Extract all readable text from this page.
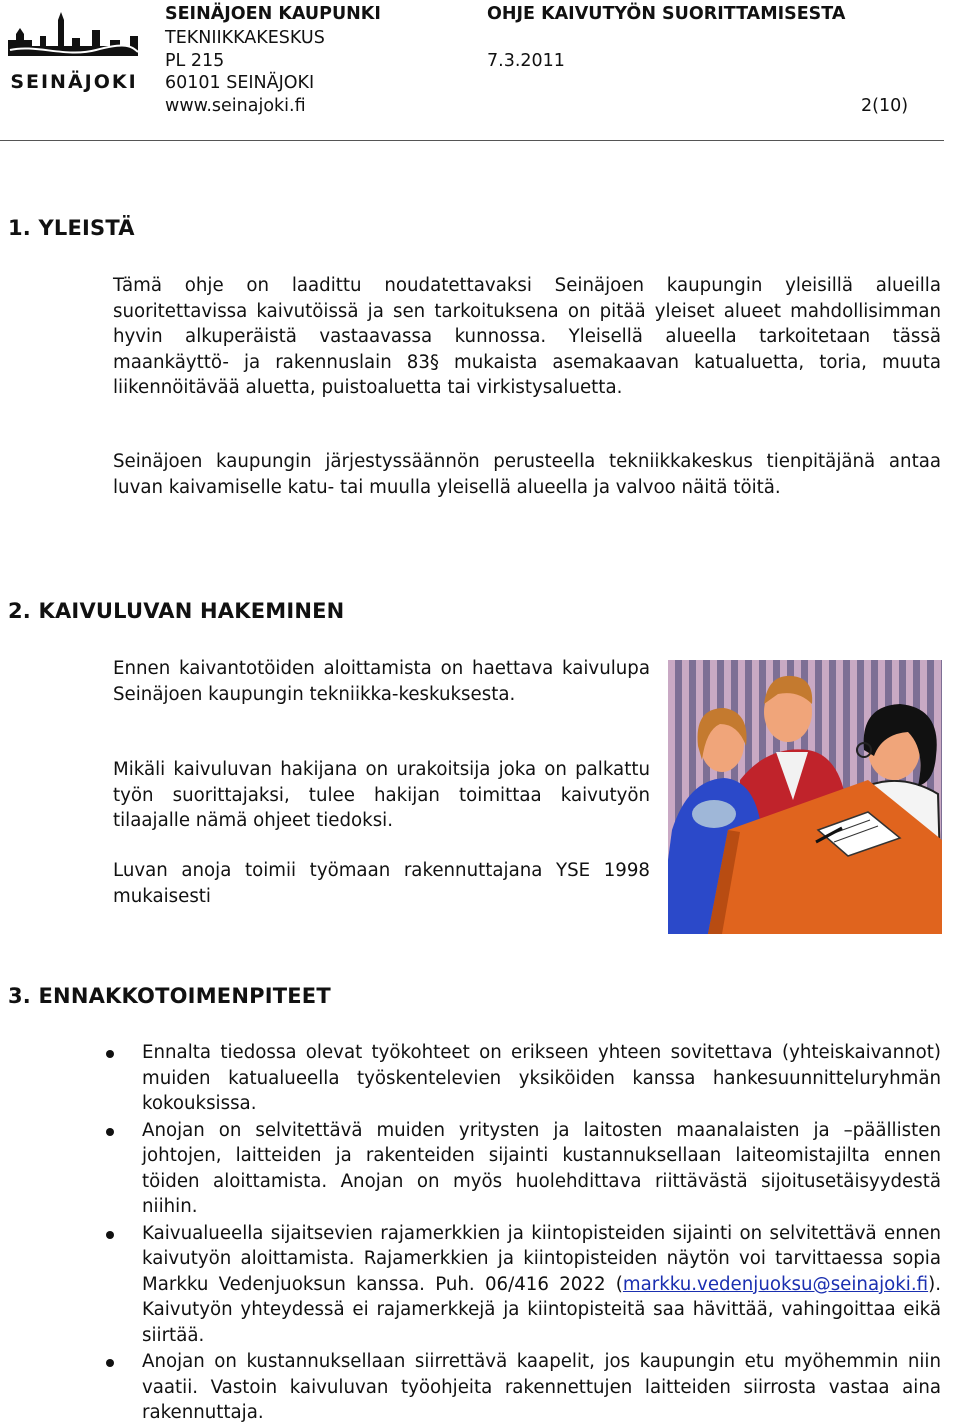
SEINÄJOKI
SEINÄJOEN KAUPUNKI
TEKNIIKKAKESKUS
PL 215
60101 SEINÄJOKI
www.seinajoki.fi
OHJE KAIVUTYÖN SUORITTAMISESTA
7.3.2011
2(10)
1. YLEISTÄ

Tämä ohje on laadittu noudatettavaksi Seinäjoen kaupungin yleisillä alueilla suoritettavissa kaivutöissä ja sen tarkoituksena on pitää yleiset alueet mahdollisimman hyvin alkuperäistä vastaavassa kunnossa. Yleisellä alueella tarkoitetaan tässä maankäyttö- ja rakennuslain 83§ mukaista asemakaavan katualuetta, toria, muuta liikennöitävää aluetta, puistoaluetta tai virkistysaluetta.

Seinäjoen kaupungin järjestyssäännön perusteella tekniikkakeskus tienpitäjänä antaa luvan kaivamiselle katu- tai muulla yleisellä alueella ja valvoo näitä töitä.

2. KAIVULUVAN HAKEMINEN

Ennen kaivantotöiden aloittamista on haettava kaivulupa Seinäjoen kaupungin tekniikka-keskuksesta.

Mikäli kaivuluvan hakijana on urakoitsija joka on palkattu työn suorittajaksi, tulee hakijan toimittaa kaivutyön tilaajalle nämä ohjeet tiedoksi.

Luvan anoja toimii työmaan rakennuttajana YSE 1998 mukaisesti

3. ENNAKKOTOIMENPITEET
Ennalta tiedossa olevat työkohteet on erikseen yhteen sovitettava (yhteiskaivannot) muiden katualueella työskentelevien yksiköiden kanssa hankesuunnitteluryhmän kokouksissa.
Anojan on selvitettävä muiden yritysten ja laitosten maanalaisten ja –päällisten johtojen, laitteiden ja rakenteiden sijainti kustannuksellaan laiteomistajilta ennen töiden aloittamista. Anojan on myös huolehdittava riittävästä sijoitusetäisyydestä niihin.
Kaivualueella sijaitsevien rajamerkkien ja kiintopisteiden sijainti on selvitettävä ennen kaivutyön aloittamista. Rajamerkkien ja kiintopisteiden näytön voi tarvittaessa sopia Markku Vedenjuoksun kanssa. Puh. 06/416 2022 (markku.vedenjuoksu@seinajoki.fi). Kaivutyön yhteydessä ei rajamerkkejä ja kiintopisteitä saa hävittää, vahingoittaa eikä siirtää.
Anojan on kustannuksellaan siirrettävä kaapelit, jos kaupungin etu myöhemmin niin vaatii. Vastoin kaivuluvan työohjeita rakennettujen laitteiden siirrosta vastaa aina rakennuttaja.
